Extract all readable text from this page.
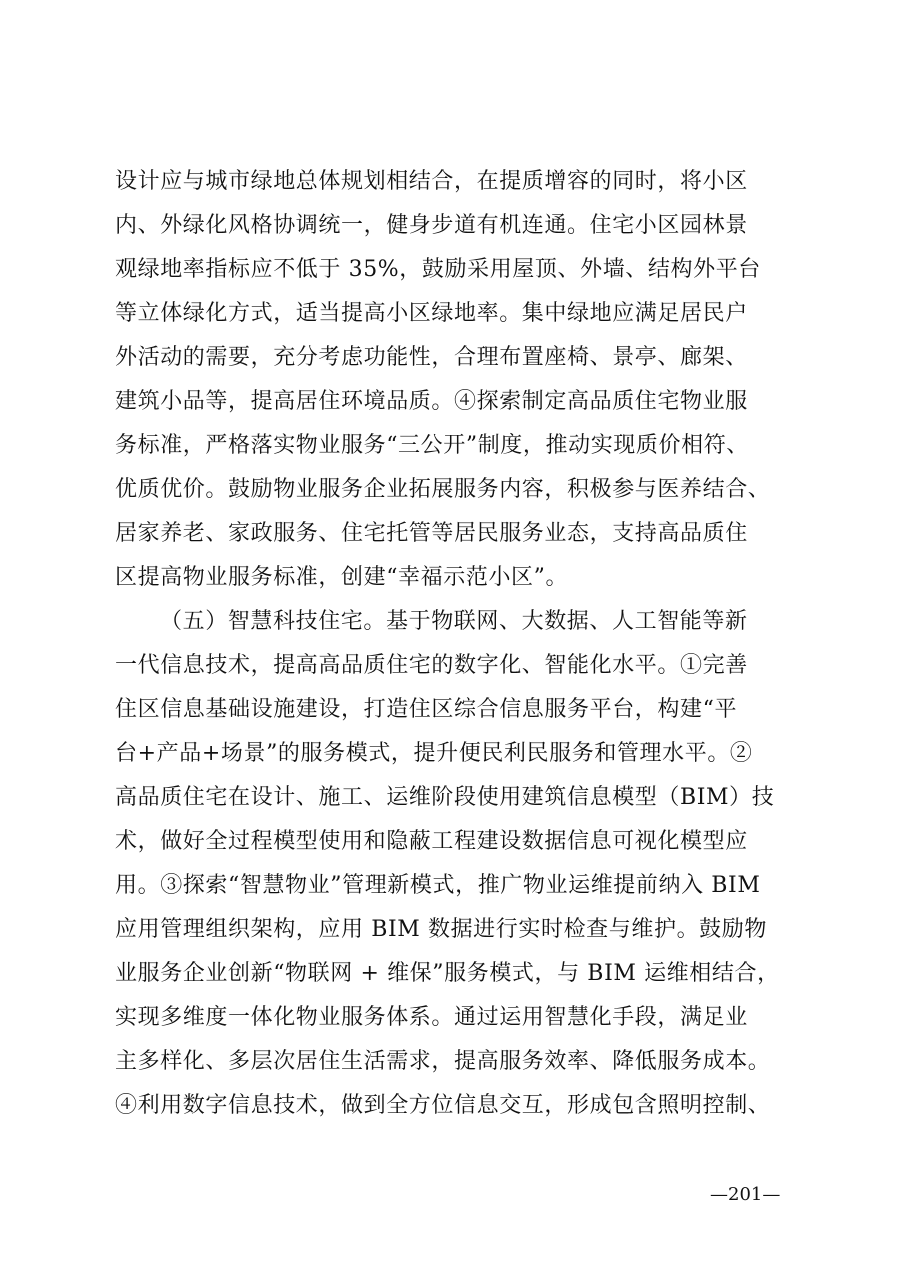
设计应与城市绿地总体规划相结合，在提质增容的同时，将小区
内、外绿化风格协调统一，健身步道有机连通。住宅小区园林景
观绿地率指标应不低于 35%，鼓励采用屋顶、外墙、结构外平台
等立体绿化方式，适当提高小区绿地率。集中绿地应满足居民户
外活动的需要，充分考虑功能性，合理布置座椅、景亭、廊架、
建筑小品等，提高居住环境品质。④探索制定高品质住宅物业服
务标准，严格落实物业服务“三公开”制度，推动实现质价相符、
优质优价。鼓励物业服务企业拓展服务内容，积极参与医养结合、
居家养老、家政服务、住宅托管等居民服务业态，支持高品质住
区提高物业服务标准，创建“幸福示范小区”。
（五）智慧科技住宅。基于物联网、大数据、人工智能等新
一代信息技术，提高高品质住宅的数字化、智能化水平。①完善
住区信息基础设施建设，打造住区综合信息服务平台，构建“平
台+产品+场景”的服务模式，提升便民利民服务和管理水平。②
高品质住宅在设计、施工、运维阶段使用建筑信息模型（BIM）技
术，做好全过程模型使用和隐蔽工程建设数据信息可视化模型应
用。③探索“智慧物业”管理新模式，推广物业运维提前纳入 BIM
应用管理组织架构，应用 BIM 数据进行实时检查与维护。鼓励物
业服务企业创新“物联网 + 维保”服务模式，与 BIM 运维相结合，
实现多维度一体化物业服务体系。通过运用智慧化手段，满足业
主多样化、多层次居住生活需求，提高服务效率、降低服务成本。
④利用数字信息技术，做到全方位信息交互，形成包含照明控制、
—201—
